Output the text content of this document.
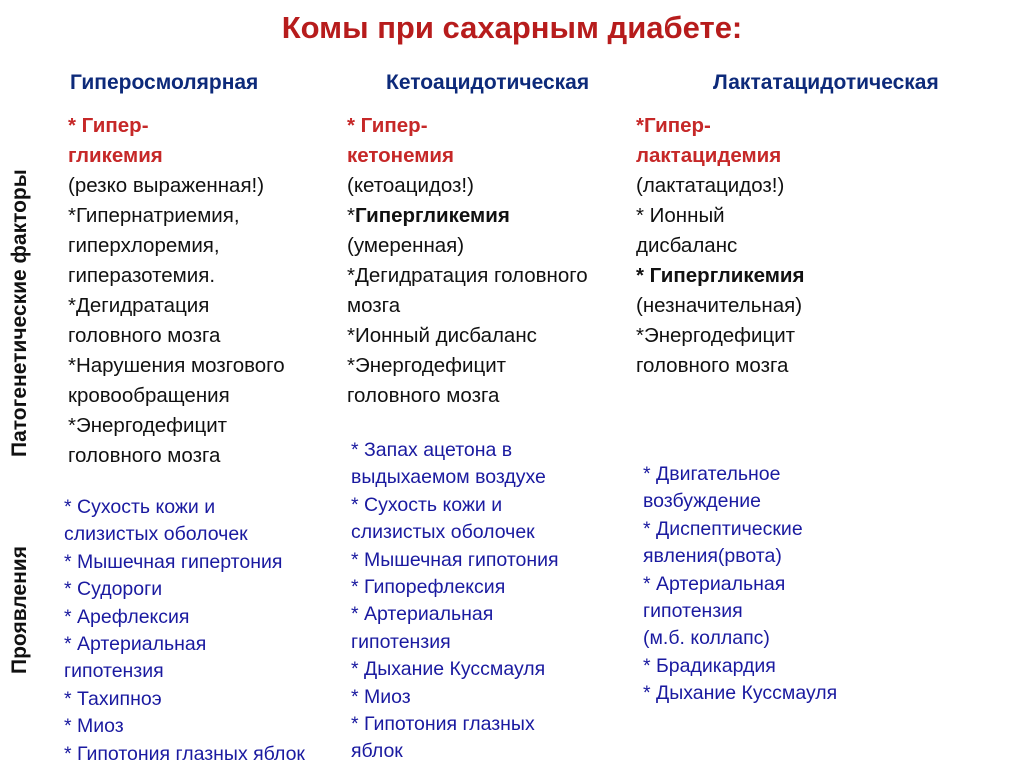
Комы при сахарным диабете:
Гиперосмолярная	Кетоацидотическая	Лактатацидотическая
Патогенетические факторы
Проявления
* Гипер-
гликемия
(резко выраженная!)
*Гипернатриемия,
гиперхлоремия,
гиперазотемия.
*Дегидратация
головного мозга
*Нарушения мозгового
кровообращения
*Энергодефицит
головного мозга
* Гипер-
кетонемия
(кетоацидоз!)
*Гипергликемия
(умеренная)
*Дегидратация головного
мозга
*Ионный дисбаланс
*Энергодефицит
головного мозга
*Гипер-
лактацидемия
(лактатацидоз!)
* Ионный
дисбаланс
* Гипергликемия
(незначительная)
*Энергодефицит
головного мозга
* Сухость кожи и
слизистых оболочек
* Мышечная гипертония
* Судороги
* Арефлексия
* Артериальная
гипотензия
* Тахипноэ
* Миоз
* Гипотония глазных яблок
* Запах ацетона в
выдыхаемом воздухе
* Сухость кожи и
слизистых оболочек
* Мышечная гипотония
* Гипорефлексия
* Артериальная
гипотензия
* Дыхание Куссмауля
* Миоз
* Гипотония глазных
яблок
* Двигательное
возбуждение
* Диспептические
явления(рвота)
* Артериальная
гипотензия
(м.б. коллапс)
* Брадикардия
* Дыхание Куссмауля
